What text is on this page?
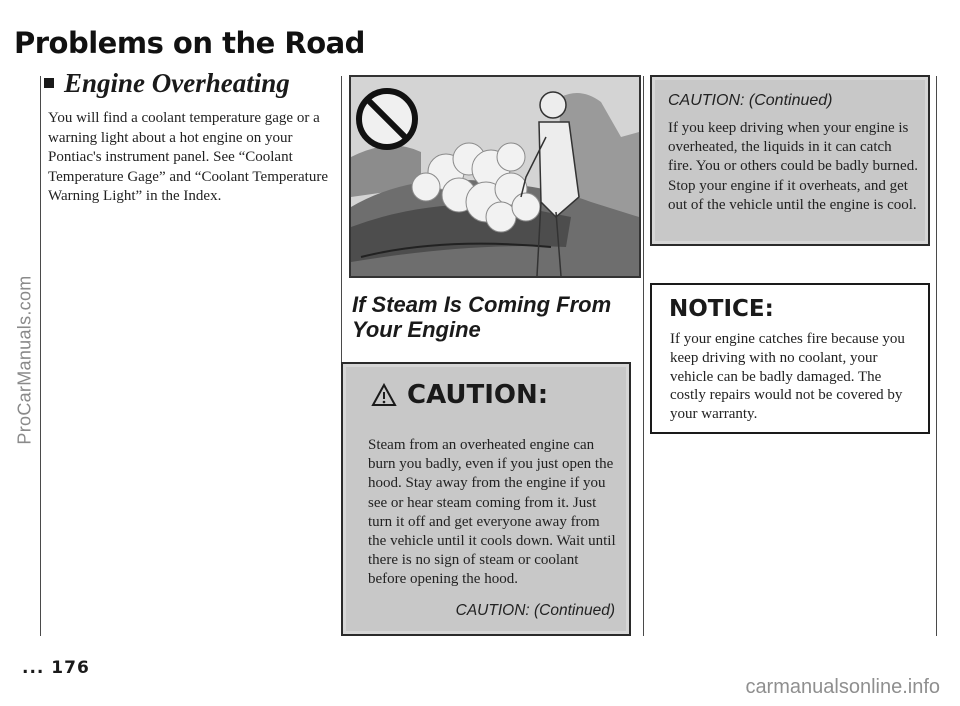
Problems on the Road
ProCarManuals.com
Engine Overheating
You will find a coolant temperature gage or a warning light about a hot engine on your Pontiac's instrument panel. See “Coolant Temperature Gage” and “Coolant Temperature Warning Light” in the Index.
If Steam Is Coming From Your Engine
CAUTION:
Steam from an overheated engine can burn you badly, even if you just open the hood. Stay away from the engine if you see or hear steam coming from it. Just turn it off and get everyone away from the vehicle until it cools down. Wait until there is no sign of steam or coolant before opening the hood.
CAUTION: (Continued)
CAUTION: (Continued)
If you keep driving when your engine is overheated, the liquids in it can catch fire. You or others could be badly burned. Stop your engine if it overheats, and get out of the vehicle until the engine is cool.
NOTICE:
If your engine catches fire because you keep driving with no coolant, your vehicle can be badly damaged. The costly repairs would not be covered by your warranty.
... 176
carmanualsonline.info
